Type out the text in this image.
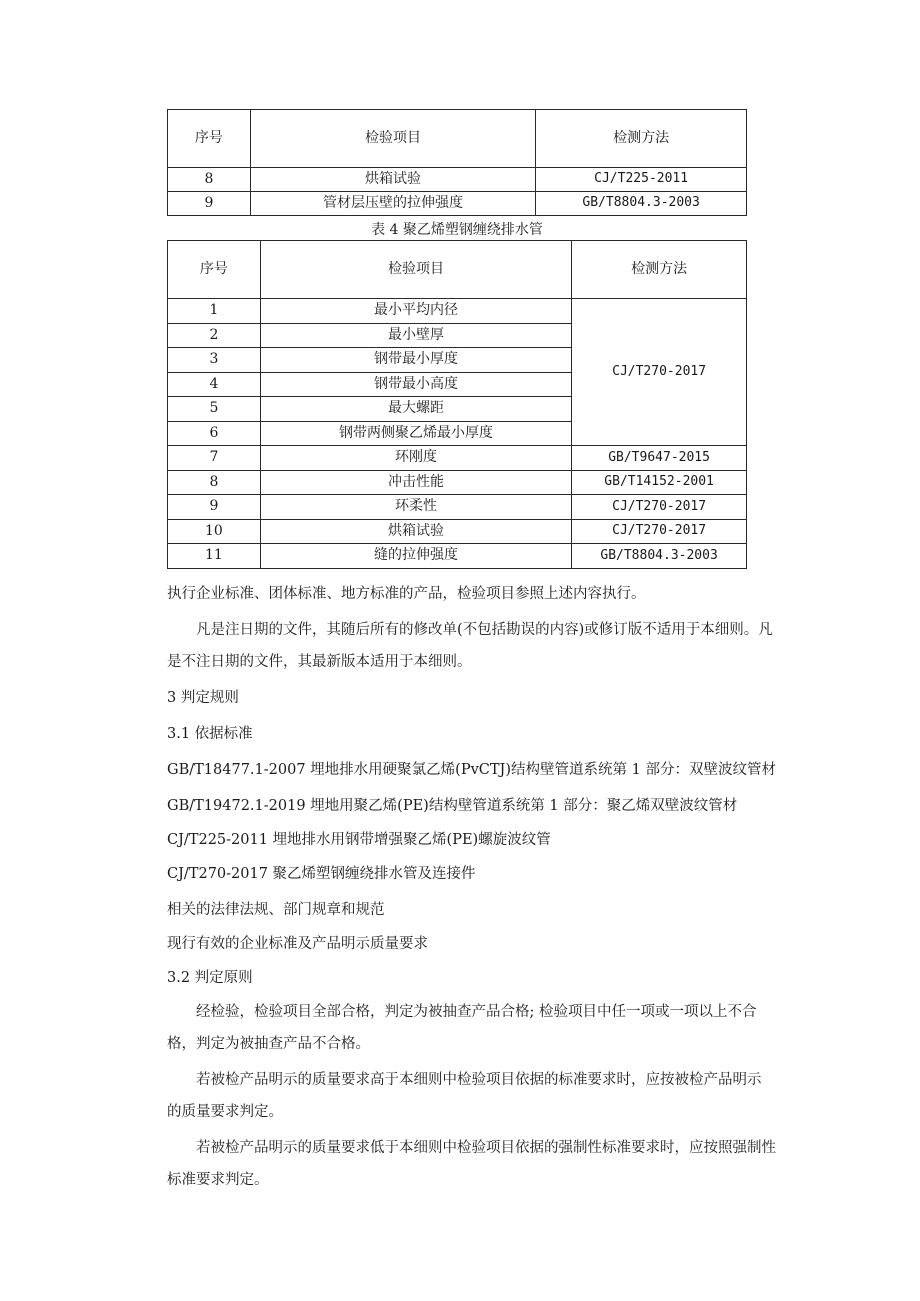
序号	检验项目	检测方法
8	烘箱试验	CJ/T225-2011
9	管材层压壁的拉伸强度	GB/T8804.3-2003
表 4 聚乙烯塑钢缠绕排水管
序号	检验项目	检测方法
1	最小平均内径	CJ/T270-2017
2	最小壁厚	
3	钢带最小厚度	
4	钢带最小高度	
5	最大螺距	
6	钢带两侧聚乙烯最小厚度	
7	环刚度	GB/T9647-2015
8	冲击性能	GB/T14152-2001
9	环柔性	CJ/T270-2017
10	烘箱试验	CJ/T270-2017
11	缝的拉伸强度	GB/T8804.3-2003
执行企业标准、团体标准、地方标准的产品，检验项目参照上述内容执行。
凡是注日期的文件，其随后所有的修改单(不包括勘误的内容)或修订版不适用于本细则。凡是不注日期的文件，其最新版本适用于本细则。
3 判定规则
3.1 依据标准
GB/T18477.1-2007 埋地排水用硬聚氯乙烯(PvCTJ)结构壁管道系统第 1 部分：双壁波纹管材
GB/T19472.1-2019 埋地用聚乙烯(PE)结构壁管道系统第 1 部分：聚乙烯双壁波纹管材
CJ/T225-2011 埋地排水用钢带增强聚乙烯(PE)螺旋波纹管
CJ/T270-2017 聚乙烯塑钢缠绕排水管及连接件
相关的法律法规、部门规章和规范
现行有效的企业标准及产品明示质量要求
3.2 判定原则
经检验，检验项目全部合格，判定为被抽查产品合格; 检验项目中任一项或一项以上不合格，判定为被抽查产品不合格。
若被检产品明示的质量要求高于本细则中检验项目依据的标准要求时，应按被检产品明示的质量要求判定。
若被检产品明示的质量要求低于本细则中检验项目依据的强制性标准要求时，应按照强制性标准要求判定。
